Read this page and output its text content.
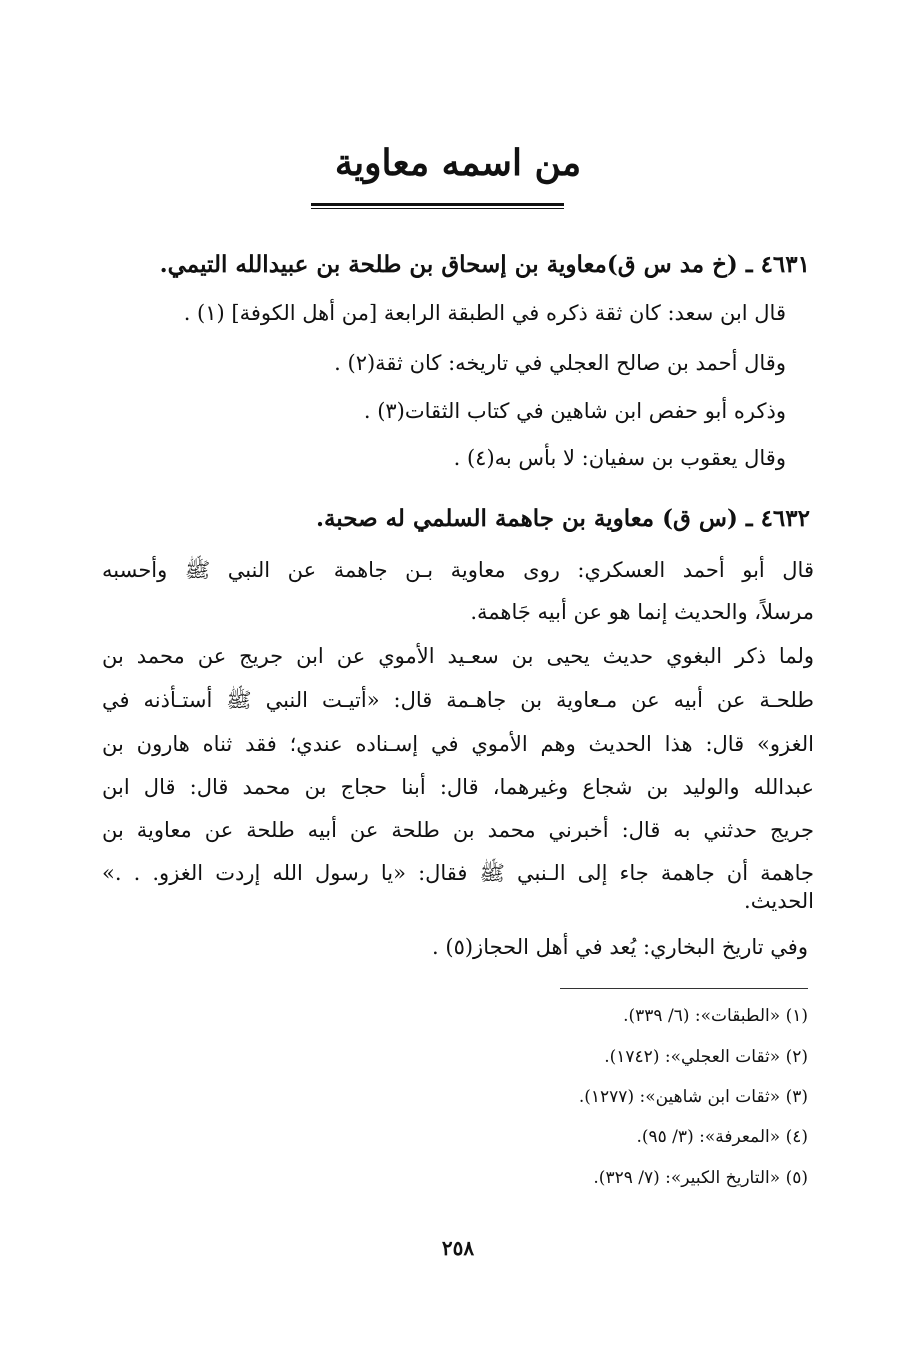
من اسمه معاوية
٤٦٣١ ـ (خ مد س ق)معاوية بن إسحاق بن طلحة بن عبيدالله التيمي.
قال ابن سعد: كان ثقة ذكره في الطبقة الرابعة [من أهل الكوفة] (١) .
وقال أحمد بن صالح العجلي في تاريخه: كان ثقة(٢) .
وذكره أبو حفص ابن شاهين في كتاب الثقات(٣) .
وقال يعقوب بن سفيان: لا بأس به(٤) .
٤٦٣٢ ـ (س ق) معاوية بن جاهمة السلمي له صحبة.
قال أبو أحمد العسكري: روى معاوية بـن جاهمة عن النبي ﷺ وأحسبه
مرسلاً، والحديث إنما هو عن أبيه جَاهمة.
ولما ذكر البغوي حديث يحيى بن سعـيد الأموي عن ابن جريج عن محمد بن
طلحـة عن أبيه عن مـعاوية بن جاهـمة قال: «أتيـت النبي ﷺ أستـأذنه في
الغزو» قال: هذا الحديث وهم الأموي في إسـناده عندي؛ فقد ثناه هارون بن
عبدالله والوليد بن شجاع وغيرهما، قال: أبنا حجاج بن محمد قال: قال ابن
جريج حدثني به قال: أخبرني محمد بن طلحة عن أبيه طلحة عن معاوية بن
جاهمة أن جاهمة جاء إلى الـنبي ﷺ فقال: «يا رسول الله إردت الغزو. . .»
الحديث.
وفي تاريخ البخاري: يُعد في أهل الحجاز(٥) .
(١) «الطبقات»: (٦/ ٣٣٩).
(٢) «ثقات العجلي»: (١٧٤٢).
(٣) «ثقات ابن شاهين»: (١٢٧٧).
(٤) «المعرفة»: (٣/ ٩٥).
(٥) «التاريخ الكبير»: (٧/ ٣٢٩).
٢٥٨
